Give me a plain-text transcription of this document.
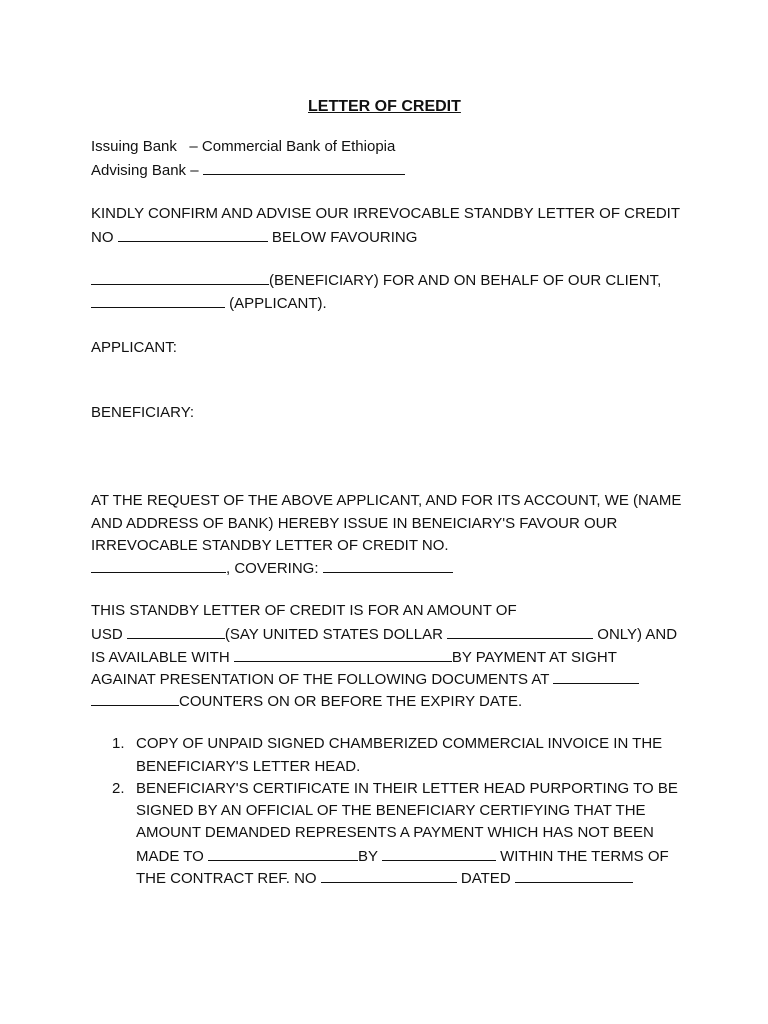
LETTER OF CREDIT
Issuing Bank – Commercial Bank of Ethiopia
Advising Bank –
KINDLY CONFIRM AND ADVISE OUR IRREVOCABLE STANDBY LETTER OF CREDIT
NO	BELOW FAVOURING
(BENEFICIARY) FOR AND ON BEHALF OF OUR CLIENT,
(APPLICANT).
APPLICANT:
BENEFICIARY:
AT THE REQUEST OF THE ABOVE APPLICANT, AND FOR ITS ACCOUNT, WE (NAME
AND ADDRESS OF BANK) HEREBY ISSUE IN BENEICIARY'S FAVOUR OUR
IRREVOCABLE STANDBY LETTER OF CREDIT NO.
, COVERING:
THIS STANDBY LETTER OF CREDIT IS FOR AN AMOUNT OF
USD	(SAY UNITED STATES DOLLAR	ONLY) AND
IS AVAILABLE WITH	BY PAYMENT AT SIGHT
AGAINAT PRESENTATION OF THE FOLLOWING DOCUMENTS AT
COUNTERS ON OR BEFORE THE EXPIRY DATE.
1. COPY OF UNPAID SIGNED CHAMBERIZED COMMERCIAL INVOICE IN THE
BENEFICIARY'S LETTER HEAD.
2. BENEFICIARY'S CERTIFICATE IN THEIR LETTER HEAD PURPORTING TO BE
SIGNED BY AN OFFICIAL OF THE BENEFICIARY CERTIFYING THAT THE
AMOUNT DEMANDED REPRESENTS A PAYMENT WHICH HAS NOT BEEN
MADE TO	BY	WITHIN THE TERMS OF
THE CONTRACT REF. NO	DATED
